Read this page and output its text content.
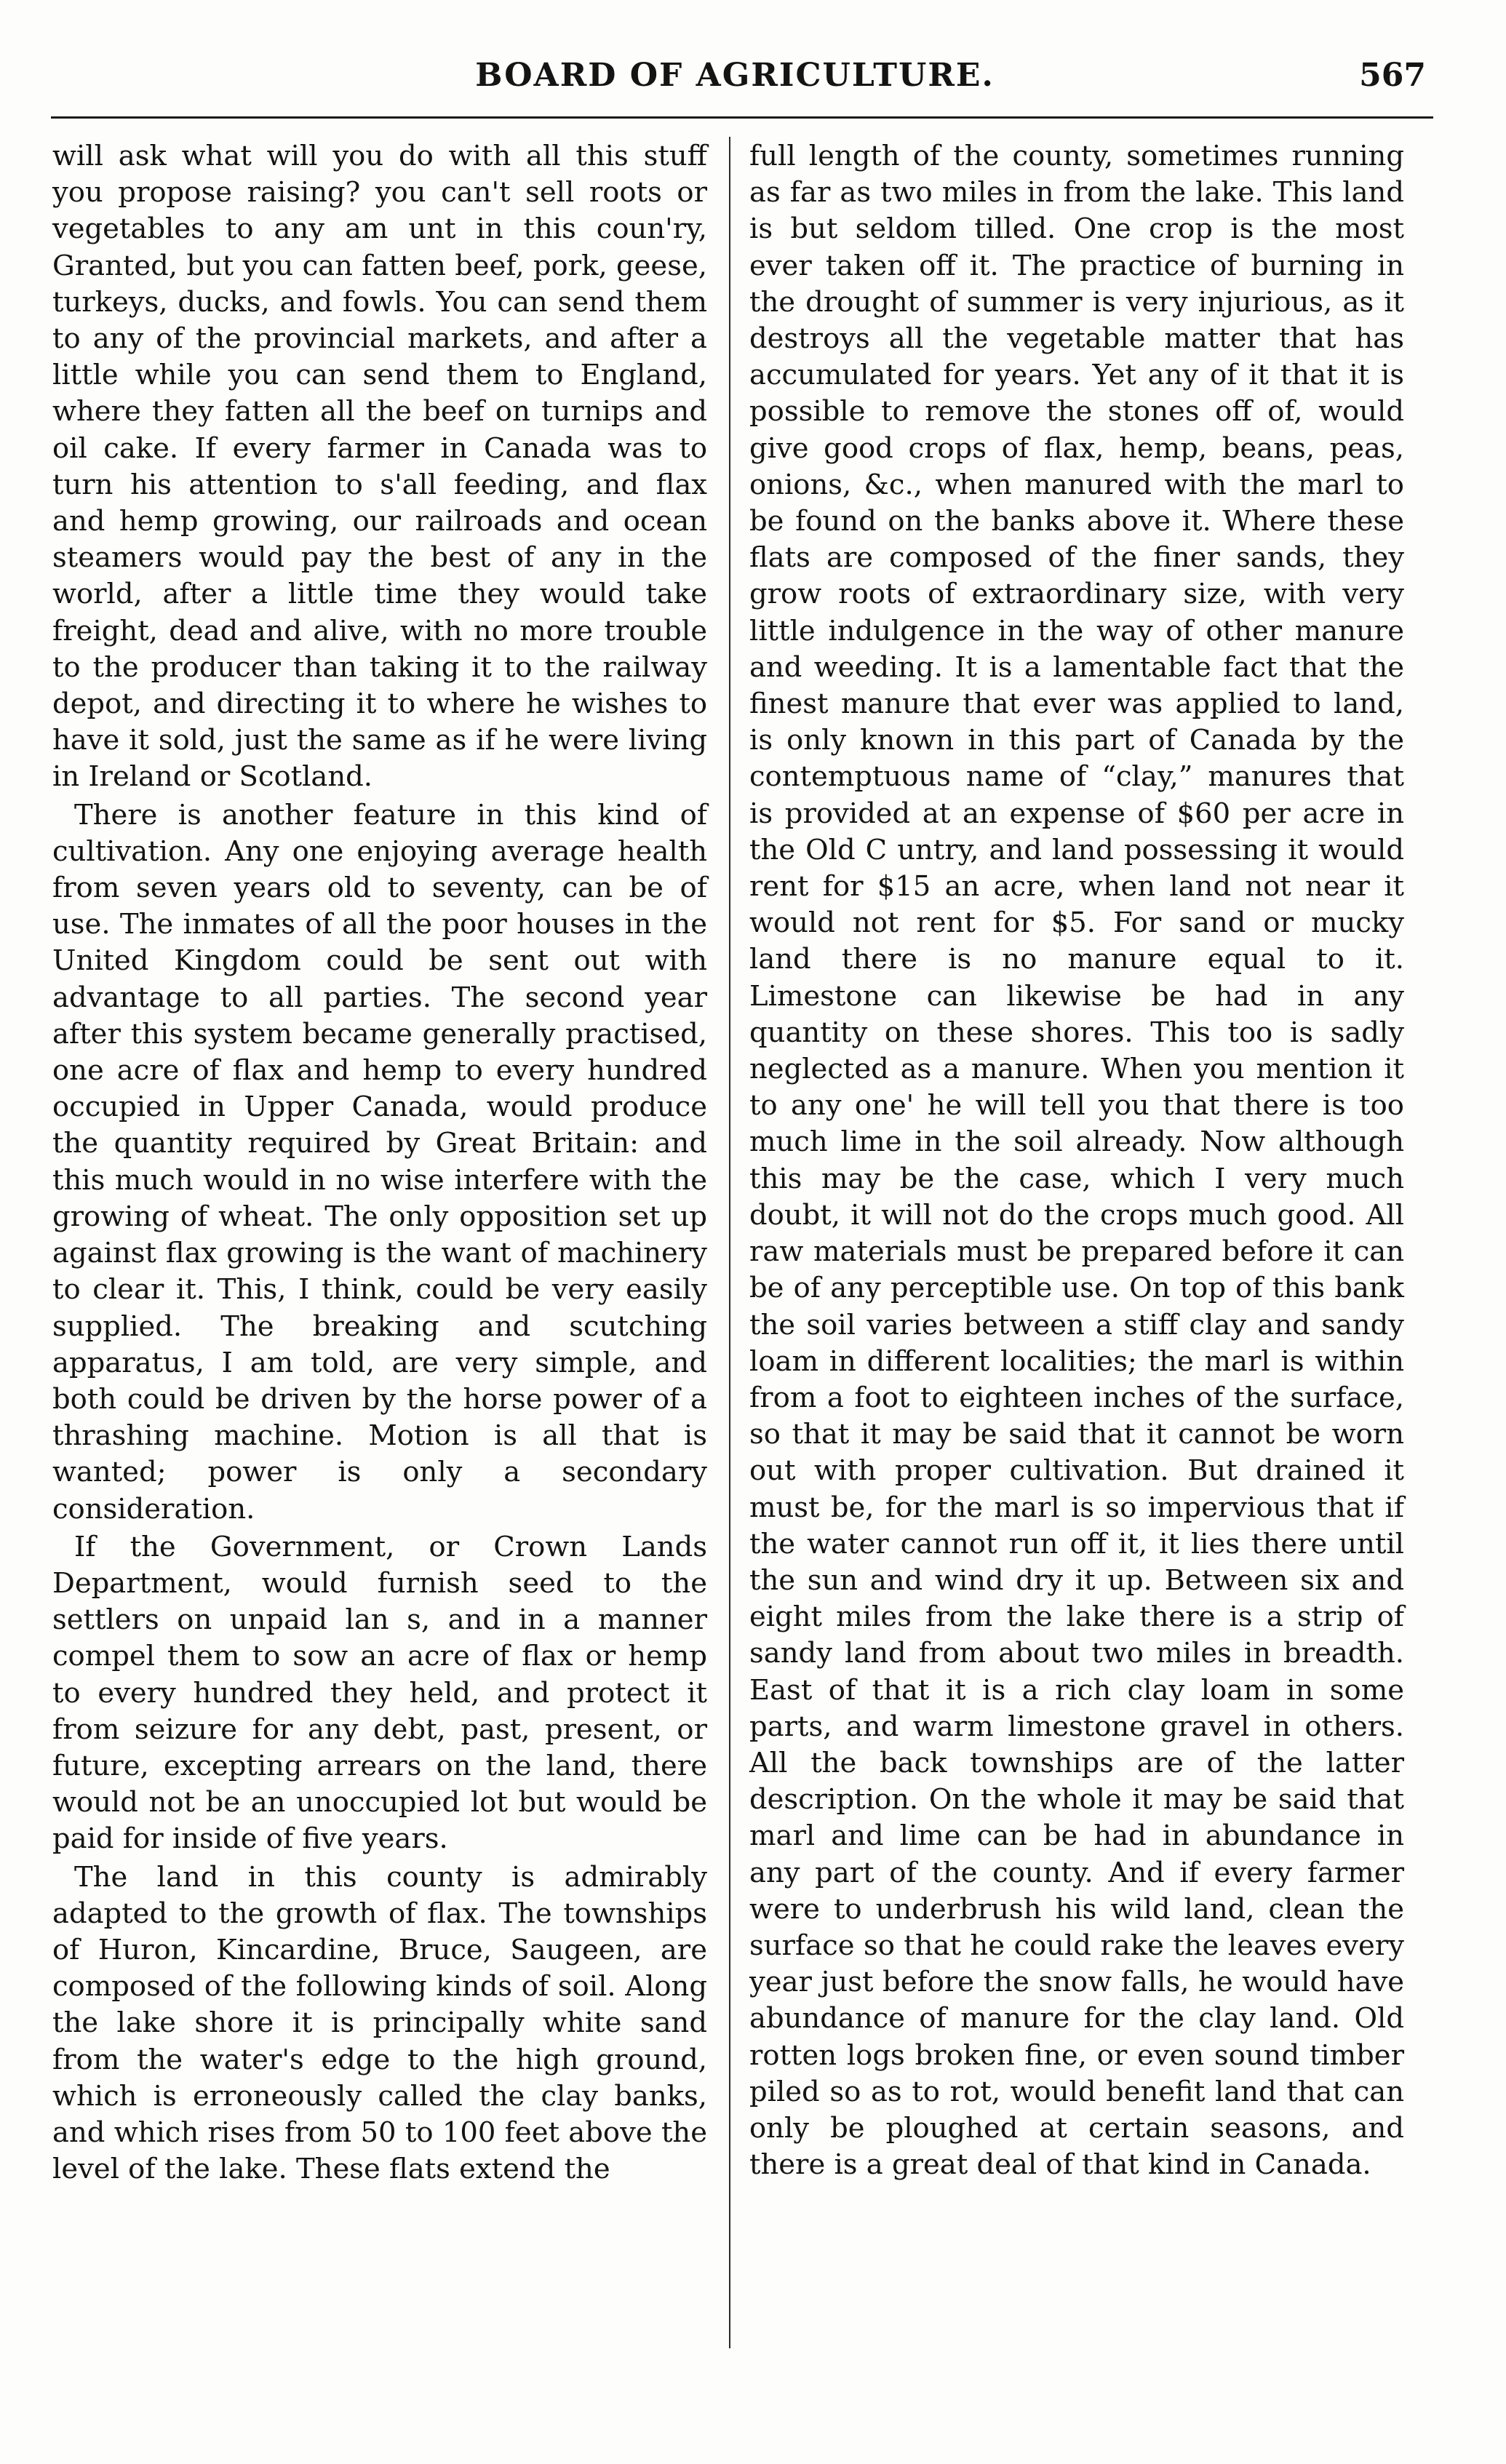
BOARD OF AGRICULTURE.	567

will ask what will you do with all this stuff you propose raising? you can't sell roots or vegetables to any am unt in this coun'ry, Granted, but you can fatten beef, pork, geese, turkeys, ducks, and fowls. You can send them to any of the provincial markets, and after a little while you can send them to England, where they fatten all the beef on turnips and oil cake. If every farmer in Canada was to turn his attention to s'all feeding, and flax and hemp growing, our railroads and ocean steamers would pay the best of any in the world, after a little time they would take freight, dead and alive, with no more trouble to the producer than taking it to the railway depot, and directing it to where he wishes to have it sold, just the same as if he were living in Ireland or Scotland.

There is another feature in this kind of cultivation. Any one enjoying average health from seven years old to seventy, can be of use. The inmates of all the poor houses in the United Kingdom could be sent out with advantage to all parties. The second year after this system became generally practised, one acre of flax and hemp to every hundred occupied in Upper Canada, would produce the quantity required by Great Britain: and this much would in no wise interfere with the growing of wheat. The only opposition set up against flax growing is the want of machinery to clear it. This, I think, could be very easily supplied. The breaking and scutching apparatus, I am told, are very simple, and both could be driven by the horse power of a thrashing machine. Motion is all that is wanted; power is only a secondary consideration.

If the Government, or Crown Lands Department, would furnish seed to the settlers on unpaid lan s, and in a manner compel them to sow an acre of flax or hemp to every hundred they held, and protect it from seizure for any debt, past, present, or future, excepting arrears on the land, there would not be an unoccupied lot but would be paid for inside of five years.

The land in this county is admirably adapted to the growth of flax. The townships of Huron, Kincardine, Bruce, Saugeen, are composed of the following kinds of soil. Along the lake shore it is principally white sand from the water's edge to the high ground, which is erroneously called the clay banks, and which rises from 50 to 100 feet above the level of the lake. These flats extend the

full length of the county, sometimes running as far as two miles in from the lake. This land is but seldom tilled. One crop is the most ever taken off it. The practice of burning in the drought of summer is very injurious, as it destroys all the vegetable matter that has accumulated for years. Yet any of it that it is possible to remove the stones off of, would give good crops of flax, hemp, beans, peas, onions, &c., when manured with the marl to be found on the banks above it. Where these flats are composed of the finer sands, they grow roots of extraordinary size, with very little indulgence in the way of other manure and weeding. It is a lamentable fact that the finest manure that ever was applied to land, is only known in this part of Canada by the contemptuous name of “clay,” manures that is provided at an expense of $60 per acre in the Old C untry, and land possessing it would rent for $15 an acre, when land not near it would not rent for $5. For sand or mucky land there is no manure equal to it. Limestone can likewise be had in any quantity on these shores. This too is sadly neglected as a manure. When you mention it to any one' he will tell you that there is too much lime in the soil already. Now although this may be the case, which I very much doubt, it will not do the crops much good. All raw materials must be prepared before it can be of any perceptible use. On top of this bank the soil varies between a stiff clay and sandy loam in different localities; the marl is within from a foot to eighteen inches of the surface, so that it may be said that it cannot be worn out with proper cultivation. But drained it must be, for the marl is so impervious that if the water cannot run off it, it lies there until the sun and wind dry it up. Between six and eight miles from the lake there is a strip of sandy land from about two miles in breadth. East of that it is a rich clay loam in some parts, and warm limestone gravel in others. All the back townships are of the latter description. On the whole it may be said that marl and lime can be had in abundance in any part of the county. And if every farmer were to underbrush his wild land, clean the surface so that he could rake the leaves every year just before the snow falls, he would have abundance of manure for the clay land. Old rotten logs broken fine, or even sound timber piled so as to rot, would benefit land that can only be ploughed at certain seasons, and there is a great deal of that kind in Canada.
